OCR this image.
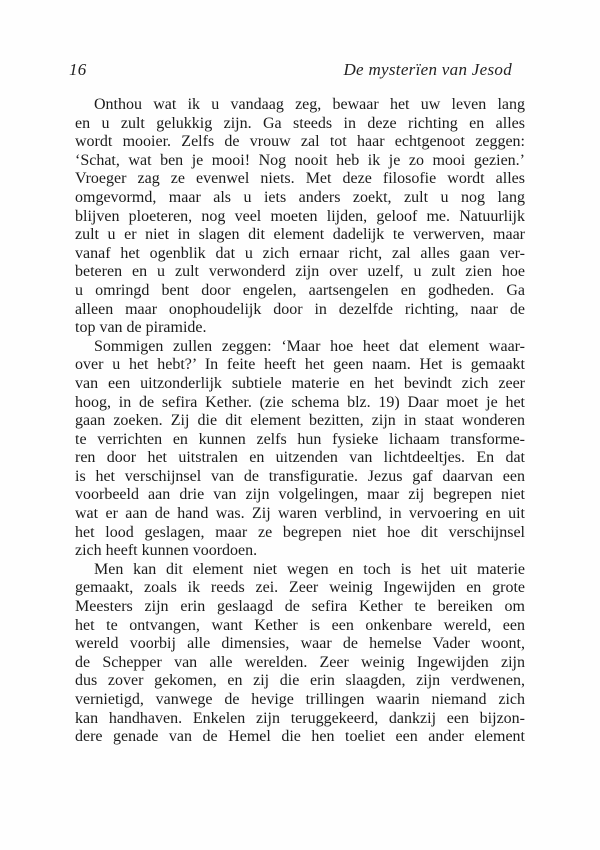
16	De mysterïen van Jesod
Onthou wat ik u vandaag zeg, bewaar het uw leven lang
en u zult gelukkig zijn. Ga steeds in deze richting en alles
wordt mooier. Zelfs de vrouw zal tot haar echtgenoot zeggen:
‘Schat, wat ben je mooi! Nog nooit heb ik je zo mooi gezien.’
Vroeger zag ze evenwel niets. Met deze filosofie wordt alles
omgevormd, maar als u iets anders zoekt, zult u nog lang
blijven ploeteren, nog veel moeten lijden, geloof me. Natuurlijk
zult u er niet in slagen dit element dadelijk te verwerven, maar
vanaf het ogenblik dat u zich ernaar richt, zal alles gaan ver-
beteren en u zult verwonderd zijn over uzelf, u zult zien hoe
u omringd bent door engelen, aartsengelen en godheden. Ga
alleen maar onophoudelijk door in dezelfde richting, naar de
top van de piramide.
Sommigen zullen zeggen: ‘Maar hoe heet dat element waar-
over u het hebt?’ In feite heeft het geen naam. Het is gemaakt
van een uitzonderlijk subtiele materie en het bevindt zich zeer
hoog, in de sefira Kether. (zie schema blz. 19) Daar moet je het
gaan zoeken. Zij die dit element bezitten, zijn in staat wonderen
te verrichten en kunnen zelfs hun fysieke lichaam transforme-
ren door het uitstralen en uitzenden van lichtdeeltjes. En dat
is het verschijnsel van de transfiguratie. Jezus gaf daarvan een
voorbeeld aan drie van zijn volgelingen, maar zij begrepen niet
wat er aan de hand was. Zij waren verblind, in vervoering en uit
het lood geslagen, maar ze begrepen niet hoe dit verschijnsel
zich heeft kunnen voordoen.
Men kan dit element niet wegen en toch is het uit materie
gemaakt, zoals ik reeds zei. Zeer weinig Ingewijden en grote
Meesters zijn erin geslaagd de sefira Kether te bereiken om
het te ontvangen, want Kether is een onkenbare wereld, een
wereld voorbij alle dimensies, waar de hemelse Vader woont,
de Schepper van alle werelden. Zeer weinig Ingewijden zijn
dus zover gekomen, en zij die erin slaagden, zijn verdwenen,
vernietigd, vanwege de hevige trillingen waarin niemand zich
kan handhaven. Enkelen zijn teruggekeerd, dankzij een bijzon-
dere genade van de Hemel die hen toeliet een ander element
